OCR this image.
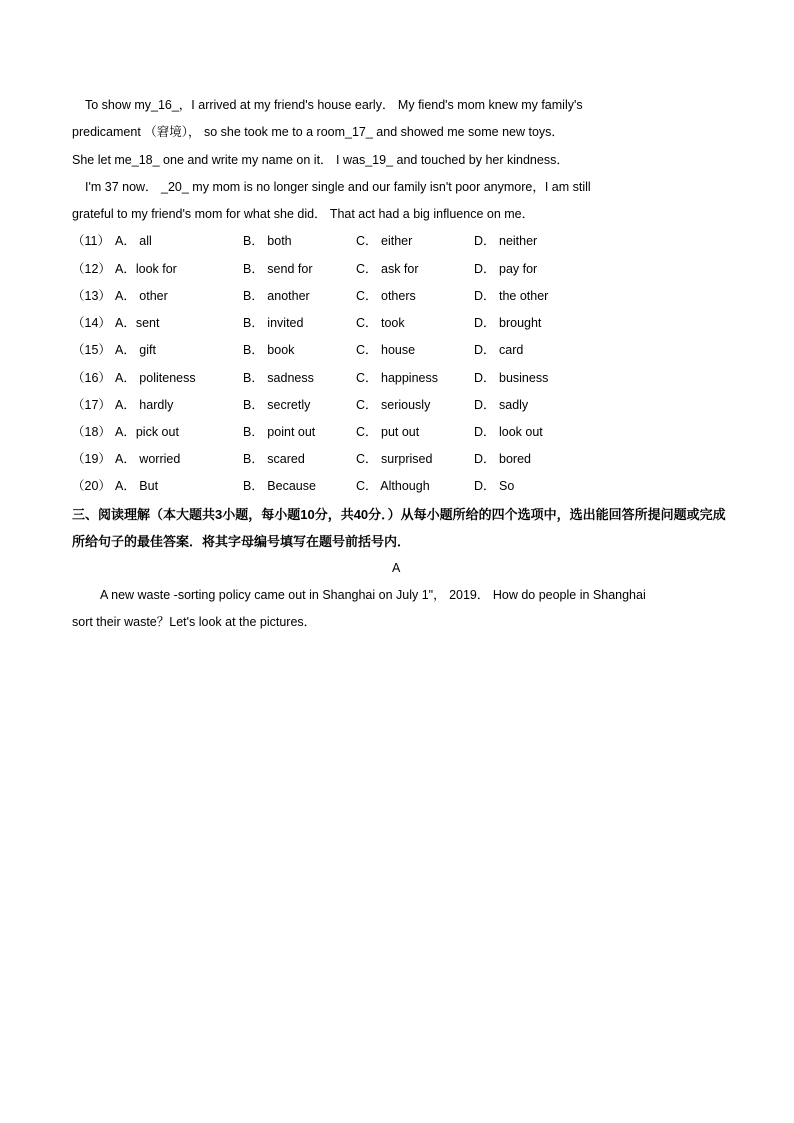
To show my_16_，I arrived at my friend's house early． My fiend's mom knew my family's
predicament （窘境）， so she took me to a room_17_ and showed me some new toys．
She let me_18_ one and write my name on it． I was_19_ and touched by her kindness．
I'm 37 now． _20_ my mom is no longer single and our family isn't poor anymore，I am still
grateful to my friend's mom for what she did． That act had a big influence on me．
（11） A． all	B． both	C． either	D． neither
（12） A．look for	B． send for	C． ask for	D． pay for
（13） A． other	B． another	C． others	D． the other
（14） A．sent	B． invited	C． took	D． brought
（15） A． gift	B． book	C． house	D． card
（16） A． politeness	B． sadness	C． happiness	D． business
（17） A． hardly	B． secretly	C． seriously	D． sadly
（18） A．pick out	B． point out	C． put out	D． look out
（19） A． worried	B． scared	C． surprised	D． bored
（20） A． But	B． Because	C． Although	D． So
三、阅读理解（本大题共3小题，每小题10分，共40分．）从每小题所给的四个选项中，选出能回答所提问题或完成所给句子的最佳答案．将其字母编号填写在题号前括号内．
A
A new waste -sorting policy came out in Shanghai on July 1"， 2019． How do people in Shanghai
sort their waste？Let's look at the pictures．
